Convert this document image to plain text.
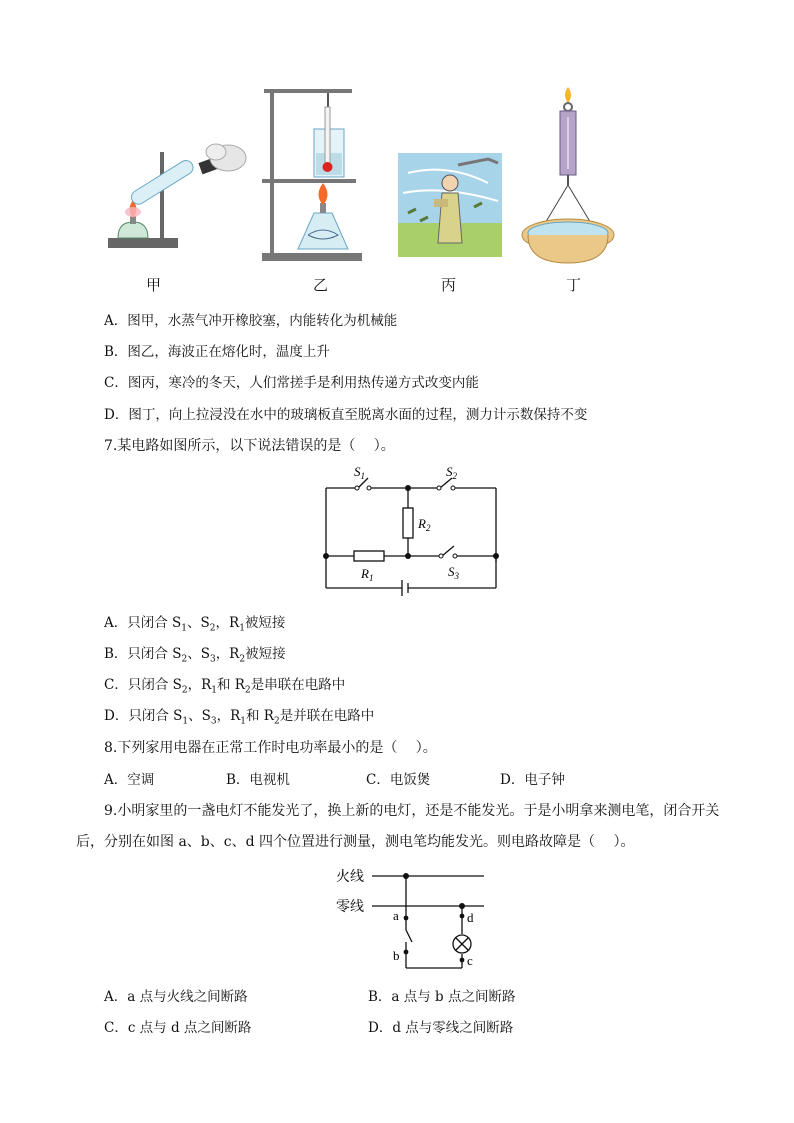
甲	乙	丙	丁
A．图甲，水蒸气冲开橡胶塞，内能转化为机械能
B．图乙，海波正在熔化时，温度上升
C．图丙，寒冷的冬天，人们常搓手是利用热传递方式改变内能
D．图丁，向上拉浸没在水中的玻璃板直至脱离水面的过程，测力计示数保持不变
7.某电路如图所示，以下说法错误的是（　 ）。
$S_1$	$S_2$
$S_3$
$R_1$
$R_2$
A．只闭合 $S_1$、$S_2$，$R_1$被短接
B．只闭合 $S_2$、$S_3$，$R_2$被短接
C．只闭合 $S_2$，$R_1$和 $R_2$是串联在电路中
D．只闭合 $S_1$、$S_3$，$R_1$和 $R_2$是并联在电路中
8.下列家用电器在正常工作时电功率最小的是（　 ）。
A．空调	B．电视机	C．电饭煲	D．电子钟
9.小明家里的一盏电灯不能发光了，换上新的电灯，还是不能发光。于是小明拿来测电笔，闭合开关
后，分别在如图 a、b、c、d 四个位置进行测量，测电笔均能发光。则电路故障是（　 ）。
火线
零线
a
b	c
d
A．a 点与火线之间断路	B．a 点与 b 点之间断路
C．c 点与 d 点之间断路	D．d 点与零线之间断路
